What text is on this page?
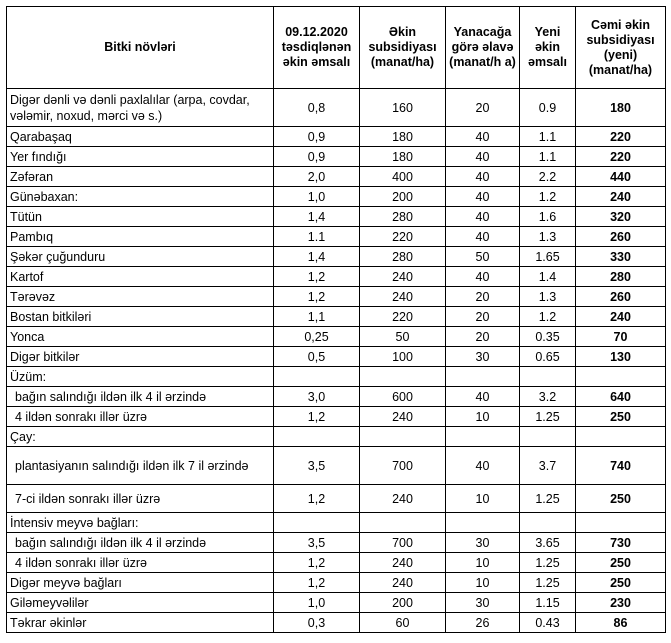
Bitki növləri	09.12.2020 təsdiqlənən əkin əmsalı	Əkin subsidiyası (manat/ha)	Yanacağa görə əlavə (manat/h a)	Yeni əkin əmsalı	Cəmi əkin subsidiyası (yeni) (manat/ha)
Digər dənli və dənli paxlalılar (arpa, covdar, vələmir, noxud, mərci və s.)	0,8	160	20	0.9	180
Qarabaşaq	0,9	180	40	1.1	220
Yer fındığı	0,9	180	40	1.1	220
Zəfəran	2,0	400	40	2.2	440
Günəbaxan:	1,0	200	40	1.2	240
Tütün	1,4	280	40	1.6	320
Pambıq	1.1	220	40	1.3	260
Şəkər çuğunduru	1,4	280	50	1.65	330
Kartof	1,2	240	40	1.4	280
Tərəvəz	1,2	240	20	1.3	260
Bostan bitkiləri	1,1	220	20	1.2	240
Yonca	0,25	50	20	0.35	70
Digər bitkilər	0,5	100	30	0.65	130
Üzüm:					
bağın salındığı ildən ilk 4 il ərzində	3,0	600	40	3.2	640
4 ildən sonrakı illər üzrə	1,2	240	10	1.25	250
Çay:					
plantasiyanın salındığı ildən ilk 7 il ərzində	3,5	700	40	3.7	740
7-ci ildən sonrakı illər üzrə	1,2	240	10	1.25	250
İntensiv meyvə bağları:					
bağın salındığı ildən ilk 4 il ərzində	3,5	700	30	3.65	730
4 ildən sonrakı illər üzrə	1,2	240	10	1.25	250
Digər meyvə bağları	1,2	240	10	1.25	250
Giləmeyvəlilər	1,0	200	30	1.15	230
Təkrar əkinlər	0,3	60	26	0.43	86
